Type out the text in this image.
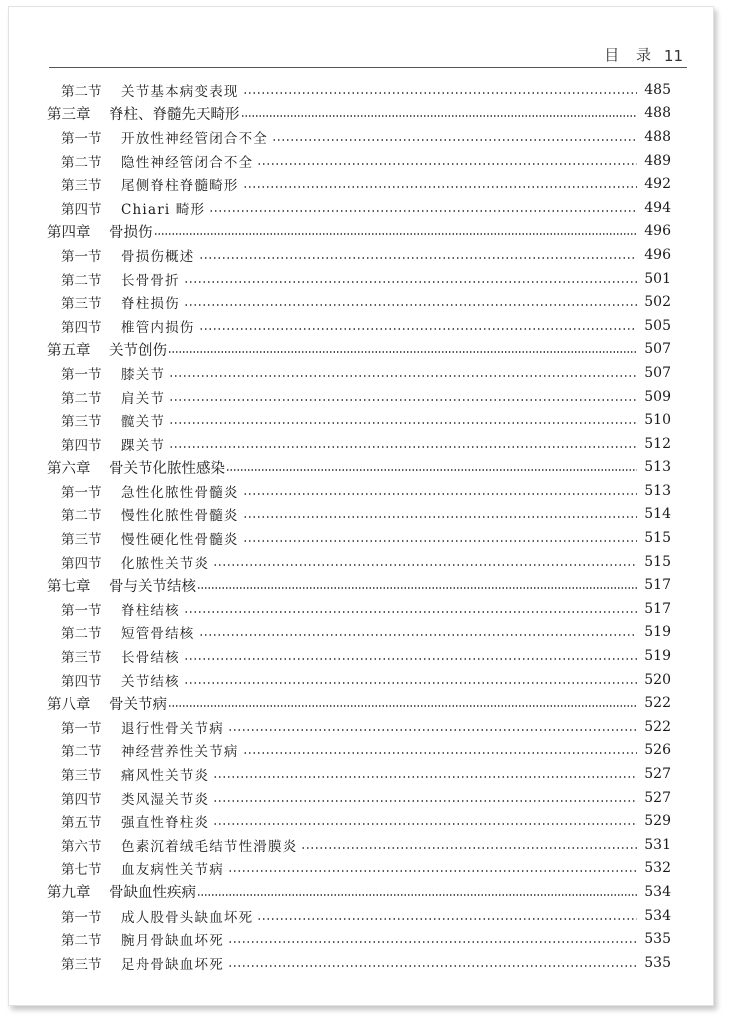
目 录 11
第二节	关节基本病变表现	485
第三章	脊柱、脊髓先天畸形	488
第一节	开放性神经管闭合不全	488
第二节	隐性神经管闭合不全	489
第三节	尾侧脊柱脊髓畸形	492
第四节	Chiari 畸形	494
第四章	骨损伤	496
第一节	骨损伤概述	496
第二节	长骨骨折	501
第三节	脊柱损伤	502
第四节	椎管内损伤	505
第五章	关节创伤	507
第一节	膝关节	507
第二节	肩关节	509
第三节	髋关节	510
第四节	踝关节	512
第六章	骨关节化脓性感染	513
第一节	急性化脓性骨髓炎	513
第二节	慢性化脓性骨髓炎	514
第三节	慢性硬化性骨髓炎	515
第四节	化脓性关节炎	515
第七章	骨与关节结核	517
第一节	脊柱结核	517
第二节	短管骨结核	519
第三节	长骨结核	519
第四节	关节结核	520
第八章	骨关节病	522
第一节	退行性骨关节病	522
第二节	神经营养性关节病	526
第三节	痛风性关节炎	527
第四节	类风湿关节炎	527
第五节	强直性脊柱炎	529
第六节	色素沉着绒毛结节性滑膜炎	531
第七节	血友病性关节病	532
第九章	骨缺血性疾病	534
第一节	成人股骨头缺血坏死	534
第二节	腕月骨缺血坏死	535
第三节	足舟骨缺血坏死	535
